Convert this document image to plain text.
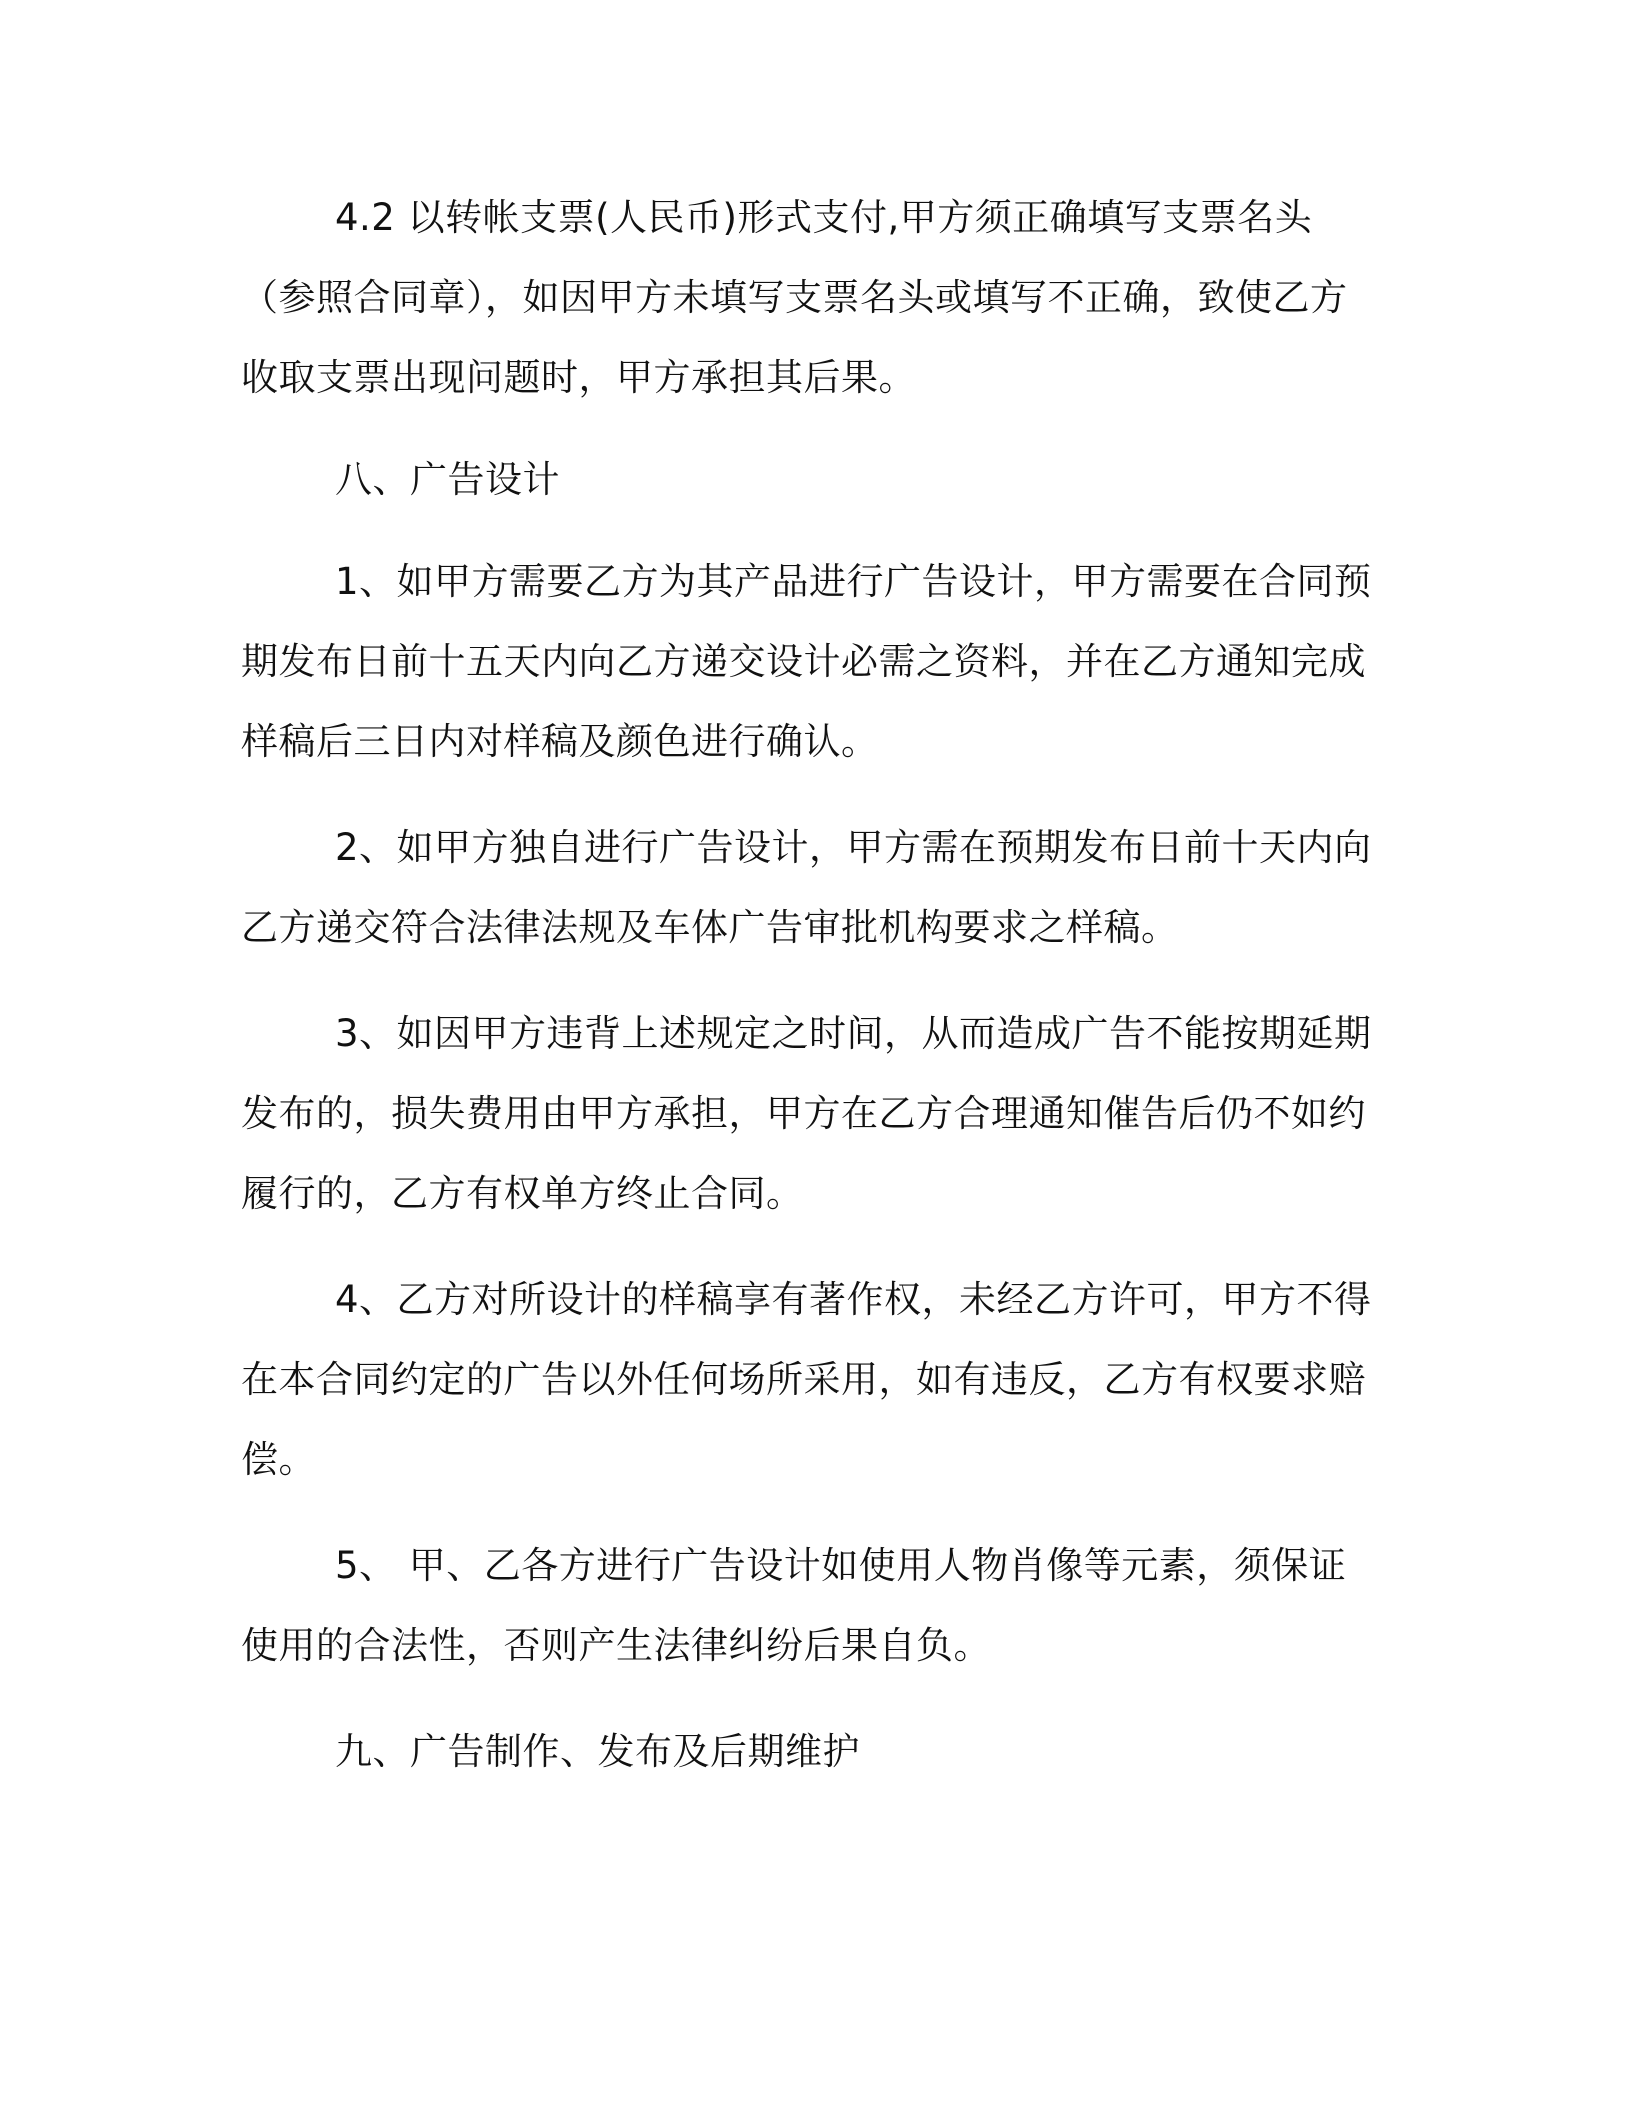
4.2 以转帐支票(人民币)形式支付,甲方须正确填写支票名头（参照合同章），如因甲方未填写支票名头或填写不正确，致使乙方收取支票出现问题时，甲方承担其后果。

八、广告设计

1、如甲方需要乙方为其产品进行广告设计，甲方需要在合同预期发布日前十五天内向乙方递交设计必需之资料，并在乙方通知完成样稿后三日内对样稿及颜色进行确认。

2、如甲方独自进行广告设计，甲方需在预期发布日前十天内向乙方递交符合法律法规及车体广告审批机构要求之样稿。

3、如因甲方违背上述规定之时间，从而造成广告不能按期延期发布的，损失费用由甲方承担，甲方在乙方合理通知催告后仍不如约履行的，乙方有权单方终止合同。

4、乙方对所设计的样稿享有著作权，未经乙方许可，甲方不得在本合同约定的广告以外任何场所采用，如有违反，乙方有权要求赔偿。

5、 甲、乙各方进行广告设计如使用人物肖像等元素，须保证使用的合法性，否则产生法律纠纷后果自负。

九、广告制作、发布及后期维护
